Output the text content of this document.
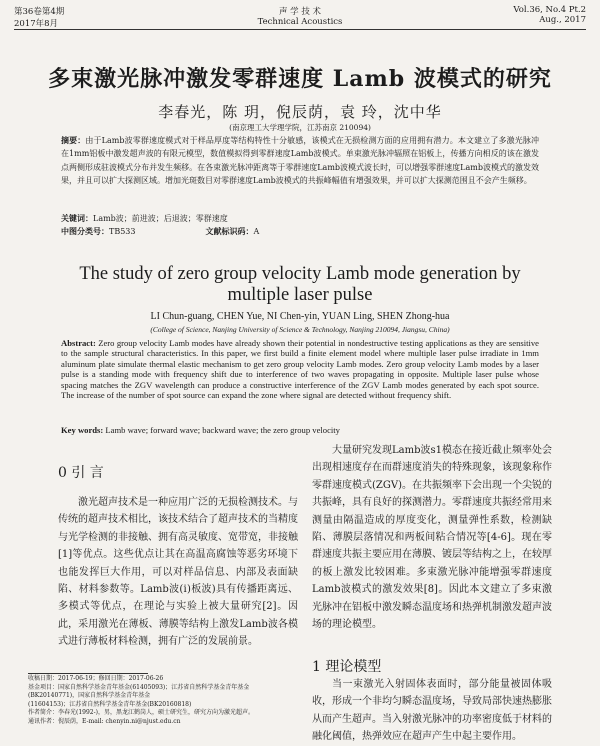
第36卷第4期
2017年8月
声 学 技 术
Technical Acoustics
Vol.36, No.4 Pt.2
Aug., 2017
多束激光脉冲激发零群速度 Lamb 波模式的研究
李春光，陈 玥，倪辰荫，袁 玲，沈中华
(南京理工大学理学院，江苏南京 210094)

摘要：由于Lamb波零群速度模式对于样品厚度等结构特性十分敏感，该模式在无损检测方面的应用拥有潜力。本文建立了多激光脉冲在1mm铝板中激发超声波的有限元模型，数值模拟得到零群速度Lamb波模式。单束激光脉冲辐照在铝板上，传播方向相反的该在激发点两侧形成驻波模式分布并发生频移。在各束激光脉冲距离等于零群速度Lamb波模式波长时，可以增强零群速度Lamb波模式的激发效果，并且可以扩大探测区域。增加光斑数目对零群速度Lamb波模式的共振峰幅值有增强效果，并可以扩大探测范围且不会产生频移。

关键词：Lamb波；前进波；后退波；零群速度
中图分类号：TB533	文献标识码：A
The study of zero group velocity Lamb mode generation by multiple laser pulse
LI Chun-guang, CHEN Yue, NI Chen-yin, YUAN Ling, SHEN Zhong-hua
(College of Science, Nanjing University of Science & Technology, Nanjing 210094, Jiangsu, China)

Abstract: Zero group velocity Lamb modes have already shown their potential in nondestructive testing applications as they are sensitive to the sample structural characteristics. In this paper, we first build a finite element model where multiple laser pulse irradiate in 1mm aluminum plate simulate thermal elastic mechanism to get zero group velocity Lamb modes. Zero group velocity Lamb modes by a laser pulse is a standing mode with frequency shift due to interference of two waves propagating in opposite. Multiple laser pulse whose spacing matches the ZGV wavelength can produce a constructive interference of the ZGV Lamb modes generated by each spot source. The increase of the number of spot source can expand the zone where signal are detected without frequency shift.

Key words: Lamb wave; forward wave; backward wave; the zero group velocity
0 引 言

激光超声技术是一种应用广泛的无损检测技术。与传统的超声技术相比，该技术结合了超声技术的当精度与光学检测的非接触、拥有高灵敏度、宽带宽，非接触[1]等优点。这些优点让其在高温高腐蚀等恶劣环境下也能发挥巨大作用，可以对样品信息、内部及表面缺陷、材料参数等。Lamb波(ⅰ)板波)具有传播距离远、多模式等优点，在理论与实验上被大量研究[2]。因此，采用激光在薄板、薄膜等结构上激发Lamb波各模式进行薄板材料检测，拥有广泛的发展前景。

收稿日期：2017-06-19；修回日期：2017-06-26

基金项目：国家自然科学基金青年基金(61405093)；江苏省自然科学基金青年基金(BK20140771)，国家自然科学基金青年基金

(11604153)；江苏省自然科学基金青年基金(BK20160818)

作者简介：李春光(1992-)，男，黑龙江鹤岗人，硕士研究生，研究方向为激光超声。

通讯作者：倪辰荫，E-mail: chenyin.ni@njust.edu.cn

大量研究发现Lamb波s1模态在接近截止频率处会出现相速度存在而群速度消失的特殊现象，该现象称作零群速度模式(ZGV)。在共振频率下会出现一个尖锐的共振峰，具有良好的探测潜力。零群速度共振经常用来测量由隔温造成的厚度变化，测量弹性系数，检测缺陷、薄膜层落情况和两板间粘合情况等[4-6]。现在零群速度共振主要应用在薄膜、镀层等结构之上，在较厚的板上激发比较困难。多束激光脉冲能增强零群速度Lamb波模式的激发效果[8]。因此本文建立了多束激光脉冲在铝板中激发瞬态温度场和热弹机制激发超声波场的理论模型。

1 理论模型

当一束激光入射固体表面时，部分能量被固体吸收，形成一个非均匀瞬态温度场，导致局部快速热膨胀从而产生超声。当入射激光脉冲的功率密度低于材料的融化阈值，热弹效应在超声产生中起主要作用。
